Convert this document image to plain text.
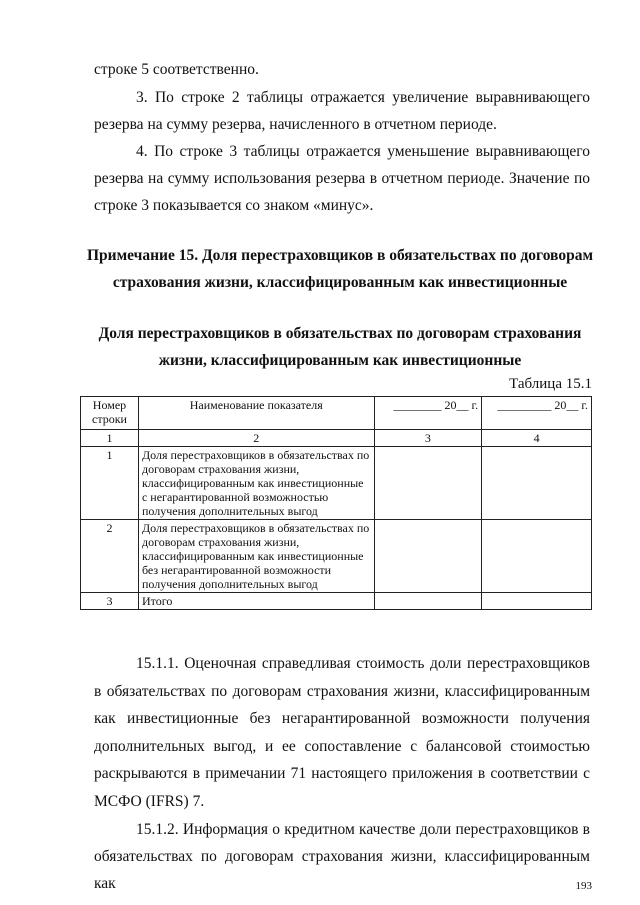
строке 5 соответственно.

3. По строке 2 таблицы отражается увеличение выравнивающего резерва на сумму резерва, начисленного в отчетном периоде.

4. По строке 3 таблицы отражается уменьшение выравнивающего резерва на сумму использования резерва в отчетном периоде. Значение по строке 3 показывается со знаком «минус».

Примечание 15. Доля перестраховщиков в обязательствах по договорам

страхования жизни, классифицированным как инвестиционные

Доля перестраховщиков в обязательствах по договорам страхования

жизни, классифицированным как инвестиционные

Таблица 15.1
Номер строки	Наименование показателя	________ 20__ г.	_________ 20__ г.
1	2	3	4
1	Доля перестраховщиков в обязательствах по договорам страхования жизни, классифицированным как инвестиционные с негарантированной возможностью получения дополнительных выгод		
2	Доля перестраховщиков в обязательствах по договорам страхования жизни, классифицированным как инвестиционные без негарантированной возможности получения дополнительных выгод		
3	Итого		

15.1.1. Оценочная справедливая стоимость доли перестраховщиков в обязательствах по договорам страхования жизни, классифицированным как инвестиционные без негарантированной возможности получения дополнительных выгод, и ее сопоставление с балансовой стоимостью раскрываются в примечании 71 настоящего приложения в соответствии с МСФО (IFRS) 7.

15.1.2. Информация о кредитном качестве доли перестраховщиков в обязательствах по договорам страхования жизни, классифицированным как	193
